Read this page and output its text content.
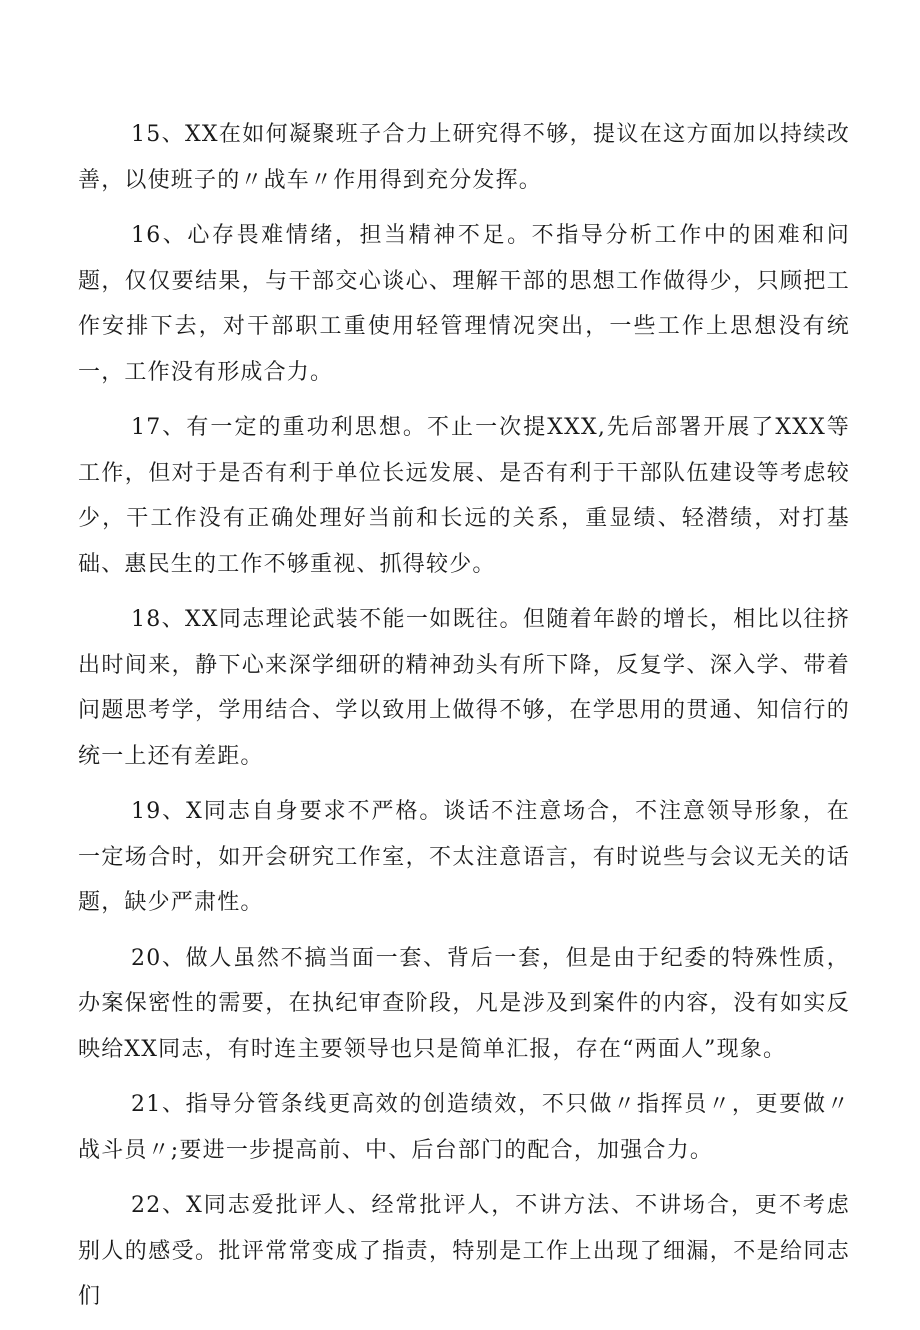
15、XX在如何凝聚班子合力上研究得不够，提议在这方面加以持续改善，以使班子的〃战车〃作用得到充分发挥。

16、心存畏难情绪，担当精神不足。不指导分析工作中的困难和问题，仅仅要结果，与干部交心谈心、理解干部的思想工作做得少，只顾把工作安排下去，对干部职工重使用轻管理情况突出，一些工作上思想没有统一，工作没有形成合力。

17、有一定的重功利思想。不止一次提XXX,先后部署开展了XXX等工作，但对于是否有利于单位长远发展、是否有利于干部队伍建设等考虑较少，干工作没有正确处理好当前和长远的关系，重显绩、轻潜绩，对打基础、惠民生的工作不够重视、抓得较少。

18、XX同志理论武装不能一如既往。但随着年龄的增长，相比以往挤出时间来，静下心来深学细研的精神劲头有所下降，反复学、深入学、带着问题思考学，学用结合、学以致用上做得不够，在学思用的贯通、知信行的统一上还有差距。

19、X同志自身要求不严格。谈话不注意场合，不注意领导形象，在一定场合时，如开会研究工作室，不太注意语言，有时说些与会议无关的话题，缺少严肃性。

20、做人虽然不搞当面一套、背后一套，但是由于纪委的特殊性质，办案保密性的需要，在执纪审查阶段，凡是涉及到案件的内容，没有如实反映给XX同志，有时连主要领导也只是简单汇报，存在“两面人”现象。

21、指导分管条线更高效的创造绩效，不只做〃指挥员〃，更要做〃战斗员〃;要进一步提高前、中、后台部门的配合，加强合力。

22、X同志爱批评人、经常批评人，不讲方法、不讲场合，更不考虑别人的感受。批评常常变成了指责，特别是工作上出现了细漏，不是给同志们
